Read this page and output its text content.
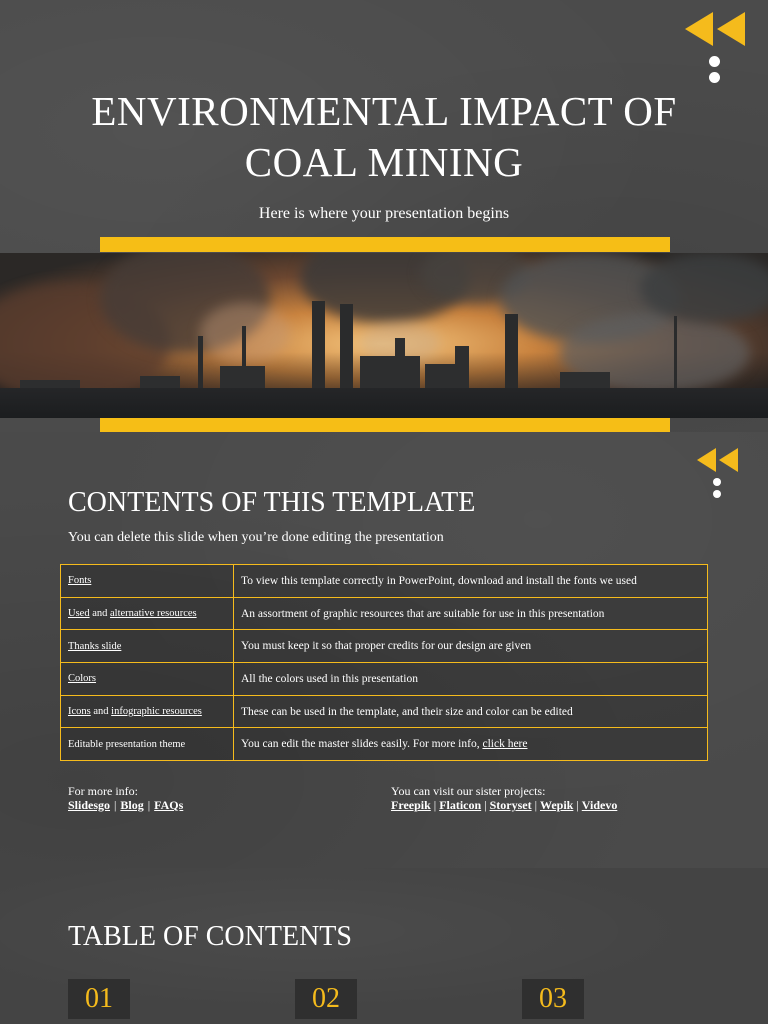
ENVIRONMENTAL IMPACT OF
COAL MINING
Here is where your presentation begins
CONTENTS OF THIS TEMPLATE
You can delete this slide when you’re done editing the presentation
Fonts	To view this template correctly in PowerPoint, download and install the fonts we used
Used and alternative resources	An assortment of graphic resources that are suitable for use in this presentation
Thanks slide	You must keep it so that proper credits for our design are given
Colors	All the colors used in this presentation
Icons and infographic resources	These can be used in the template, and their size and color can be edited
Editable presentation theme	You can edit the master slides easily. For more info, click here
For more info:
Slidesgo | Blog | FAQs
You can visit our sister projects:
Freepik | Flaticon | Storyset | Wepik | Videvo
TABLE OF CONTENTS
01	02	03
